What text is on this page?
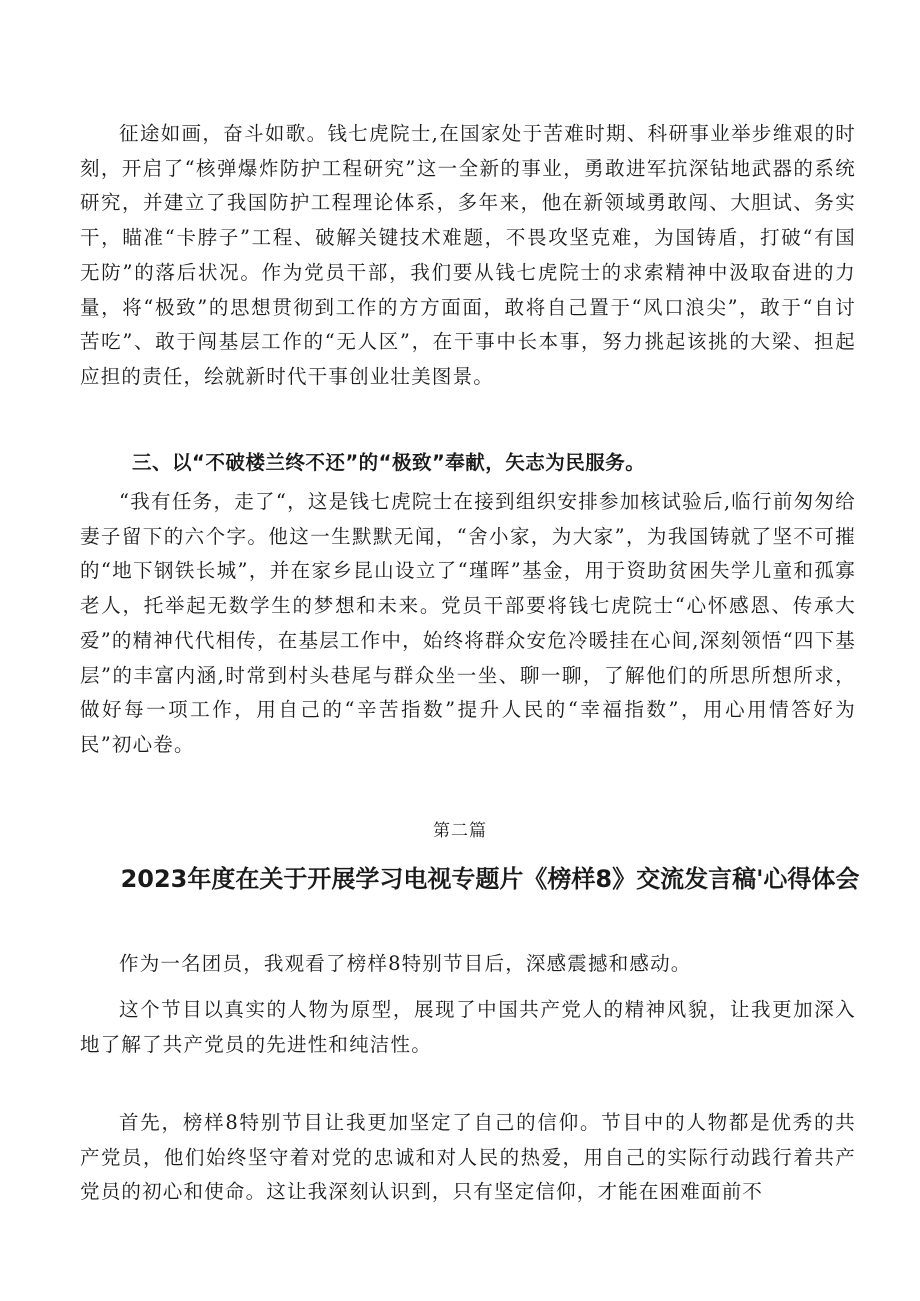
征途如画，奋斗如歌。钱七虎院士,在国家处于苦难时期、科研事业举步维艰的时刻，开启了“核弹爆炸防护工程研究”这一全新的事业，勇敢进军抗深钻地武器的系统研究，并建立了我国防护工程理论体系，多年来，他在新领域勇敢闯、大胆试、务实干，瞄准“卡脖子”工程、破解关键技术难题，不畏攻坚克难，为国铸盾，打破“有国无防”的落后状况。作为党员干部，我们要从钱七虎院士的求索精神中汲取奋进的力量，将“极致”的思想贯彻到工作的方方面面，敢将自己置于“风口浪尖”，敢于“自讨苦吃”、敢于闯基层工作的“无人区”，在干事中长本事，努力挑起该挑的大梁、担起应担的责任，绘就新时代干事创业壮美图景。

三、以“不破楼兰终不还”的“极致”奉献，矢志为民服务。

“我有任务，走了“，这是钱七虎院士在接到组织安排参加核试验后,临行前匆匆给妻子留下的六个字。他这一生默默无闻，“舍小家，为大家”，为我国铸就了坚不可摧的“地下钢铁长城”，并在家乡昆山设立了“瑾晖”基金，用于资助贫困失学儿童和孤寡老人，托举起无数学生的梦想和未来。党员干部要将钱七虎院士“心怀感恩、传承大爱”的精神代代相传，在基层工作中，始终将群众安危冷暖挂在心间,深刻领悟“四下基层”的丰富内涵,时常到村头巷尾与群众坐一坐、聊一聊，了解他们的所思所想所求，做好每一项工作，用自己的“辛苦指数”提升人民的“幸福指数”，用心用情答好为民”初心卷。

第二篇

2023年度在关于开展学习电视专题片《榜样8》交流发言稿'心得体会

作为一名团员，我观看了榜样8特别节目后，深感震撼和感动。

这个节目以真实的人物为原型，展现了中国共产党人的精神风貌，让我更加深入地了解了共产党员的先进性和纯洁性。

首先，榜样8特别节目让我更加坚定了自己的信仰。节目中的人物都是优秀的共产党员，他们始终坚守着对党的忠诚和对人民的热爱，用自己的实际行动践行着共产党员的初心和使命。这让我深刻认识到，只有坚定信仰，才能在困难面前不
